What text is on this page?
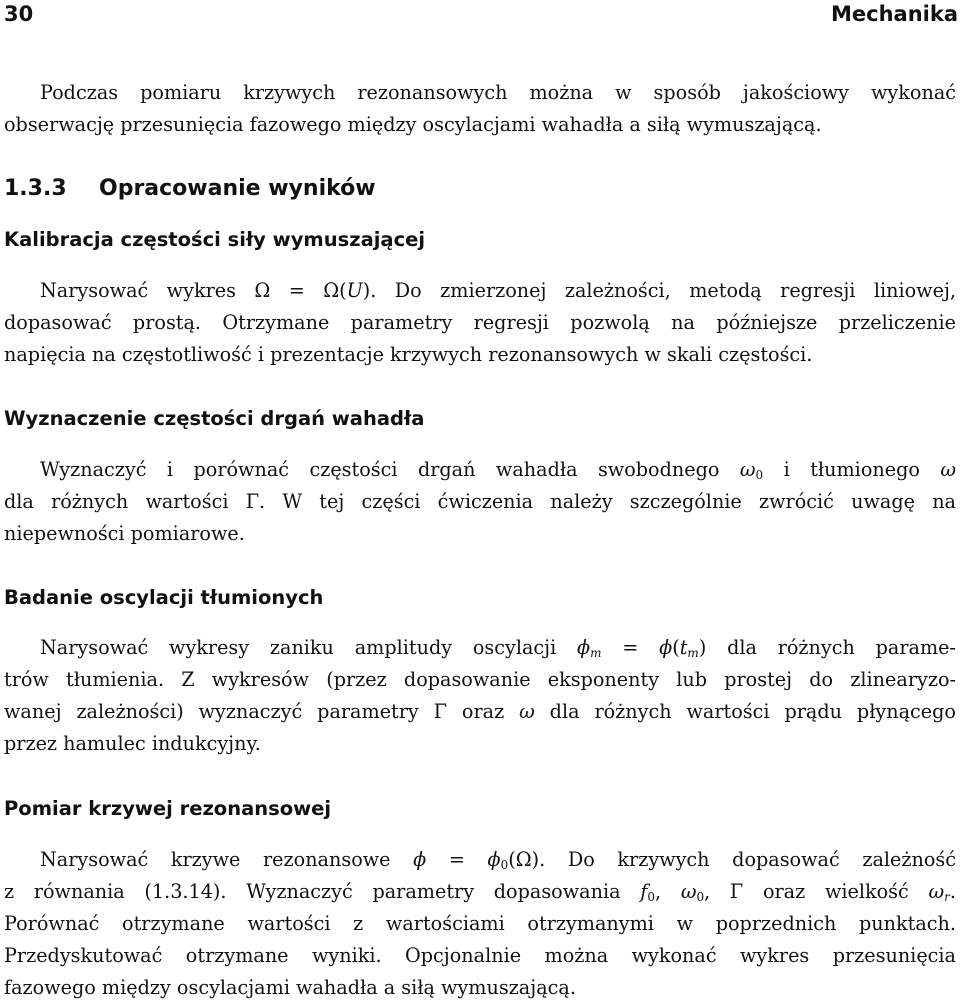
30	Mechanika

Podczas pomiaru krzywych rezonansowych można w sposób jakościowy wykonać
obserwację przesunięcia fazowego między oscylacjami wahadła a siłą wymuszającą.

1.3.3	Opracowanie wyników
Kalibracja częstości siły wymuszającej

Narysować wykres Ω = Ω(U). Do zmierzonej zależności, metodą regresji liniowej,
dopasować prostą. Otrzymane parametry regresji pozwolą na późniejsze przeliczenie
napięcia na częstotliwość i prezentacje krzywych rezonansowych w skali częstości.

Wyznaczenie częstości drgań wahadła

Wyznaczyć i porównać częstości drgań wahadła swobodnego $\omega_0$ i tłumionego ω
dla różnych wartości Γ. W tej części ćwiczenia należy szczególnie zwrócić uwagę na
niepewności pomiarowe.

Badanie oscylacji tłumionych

Narysować wykresy zaniku amplitudy oscylacji $\phi_m = \phi(t_m)$ dla różnych parame-
trów tłumienia. Z wykresów (przez dopasowanie eksponenty lub prostej do zlinearyzo-
wanej zależności) wyznaczyć parametry Γ oraz ω dla różnych wartości prądu płynącego
przez hamulec indukcyjny.

Pomiar krzywej rezonansowej

Narysować krzywe rezonansowe $\phi = \phi_0(\Omega)$. Do krzywych dopasować zależność
z równania (1.3.14). Wyznaczyć parametry dopasowania $f_0$, $\omega_0$, Γ oraz wielkość $\omega_r$.
Porównać otrzymane wartości z wartościami otrzymanymi w poprzednich punktach.
Przedyskutować otrzymane wyniki. Opcjonalnie można wykonać wykres przesunięcia
fazowego między oscylacjami wahadła a siłą wymuszającą.
